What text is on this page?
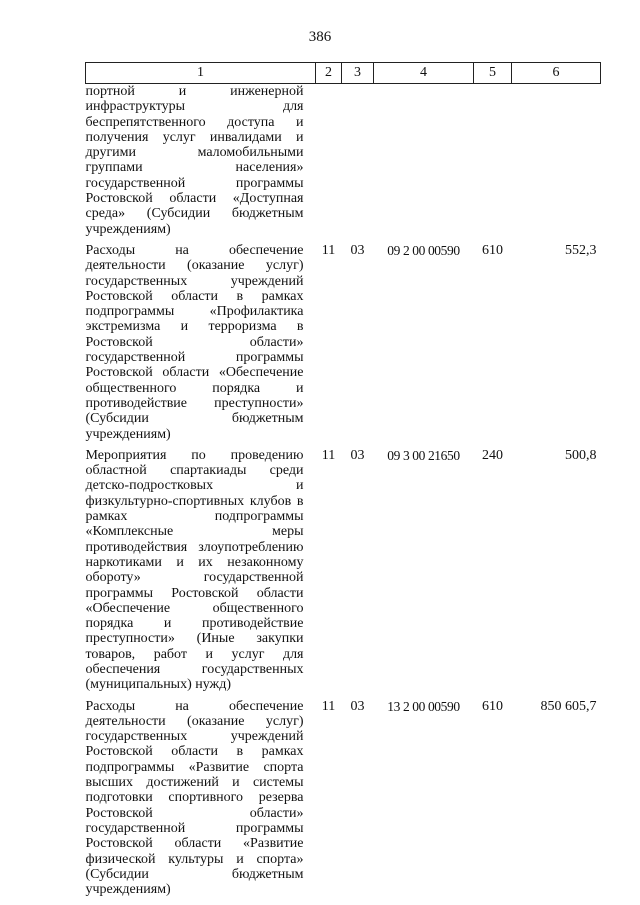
386
1	2	3	4	5	6
портной и инженерной инфраструктуры для беспрепятственного доступа и получения услуг инвалидами и другими маломобильными группами населения» государственной программы Ростовской области «Доступная среда» (Субсидии бюджетным учреждениям)					
Расходы на обеспечение деятельности (оказание услуг) государственных учреждений Ростовской области в рамках подпрограммы «Профилактика экстремизма и терроризма в Ростовской области» государственной программы Ростовской области «Обеспечение общественного порядка и противодействие преступности» (Субсидии бюджетным учреждениям)	11	03	09 2 00 00590	610	552,3
Мероприятия по проведению областной спартакиады среди детско-подростковых и физкультурно-спортивных клубов в рамках подпрограммы «Комплексные меры противодействия злоупотреблению наркотиками и их незаконному обороту» государственной программы Ростовской области «Обеспечение общественного порядка и противодействие преступности» (Иные закупки товаров, работ и услуг для обеспечения государственных (муниципальных) нужд)	11	03	09 3 00 21650	240	500,8
Расходы на обеспечение деятельности (оказание услуг) государственных учреждений Ростовской области в рамках подпрограммы «Развитие спорта высших достижений и системы подготовки спортивного резерва Ростовской области» государственной программы Ростовской области «Развитие физической культуры и спорта» (Субсидии бюджетным учреждениям)	11	03	13 2 00 00590	610	850 605,7
